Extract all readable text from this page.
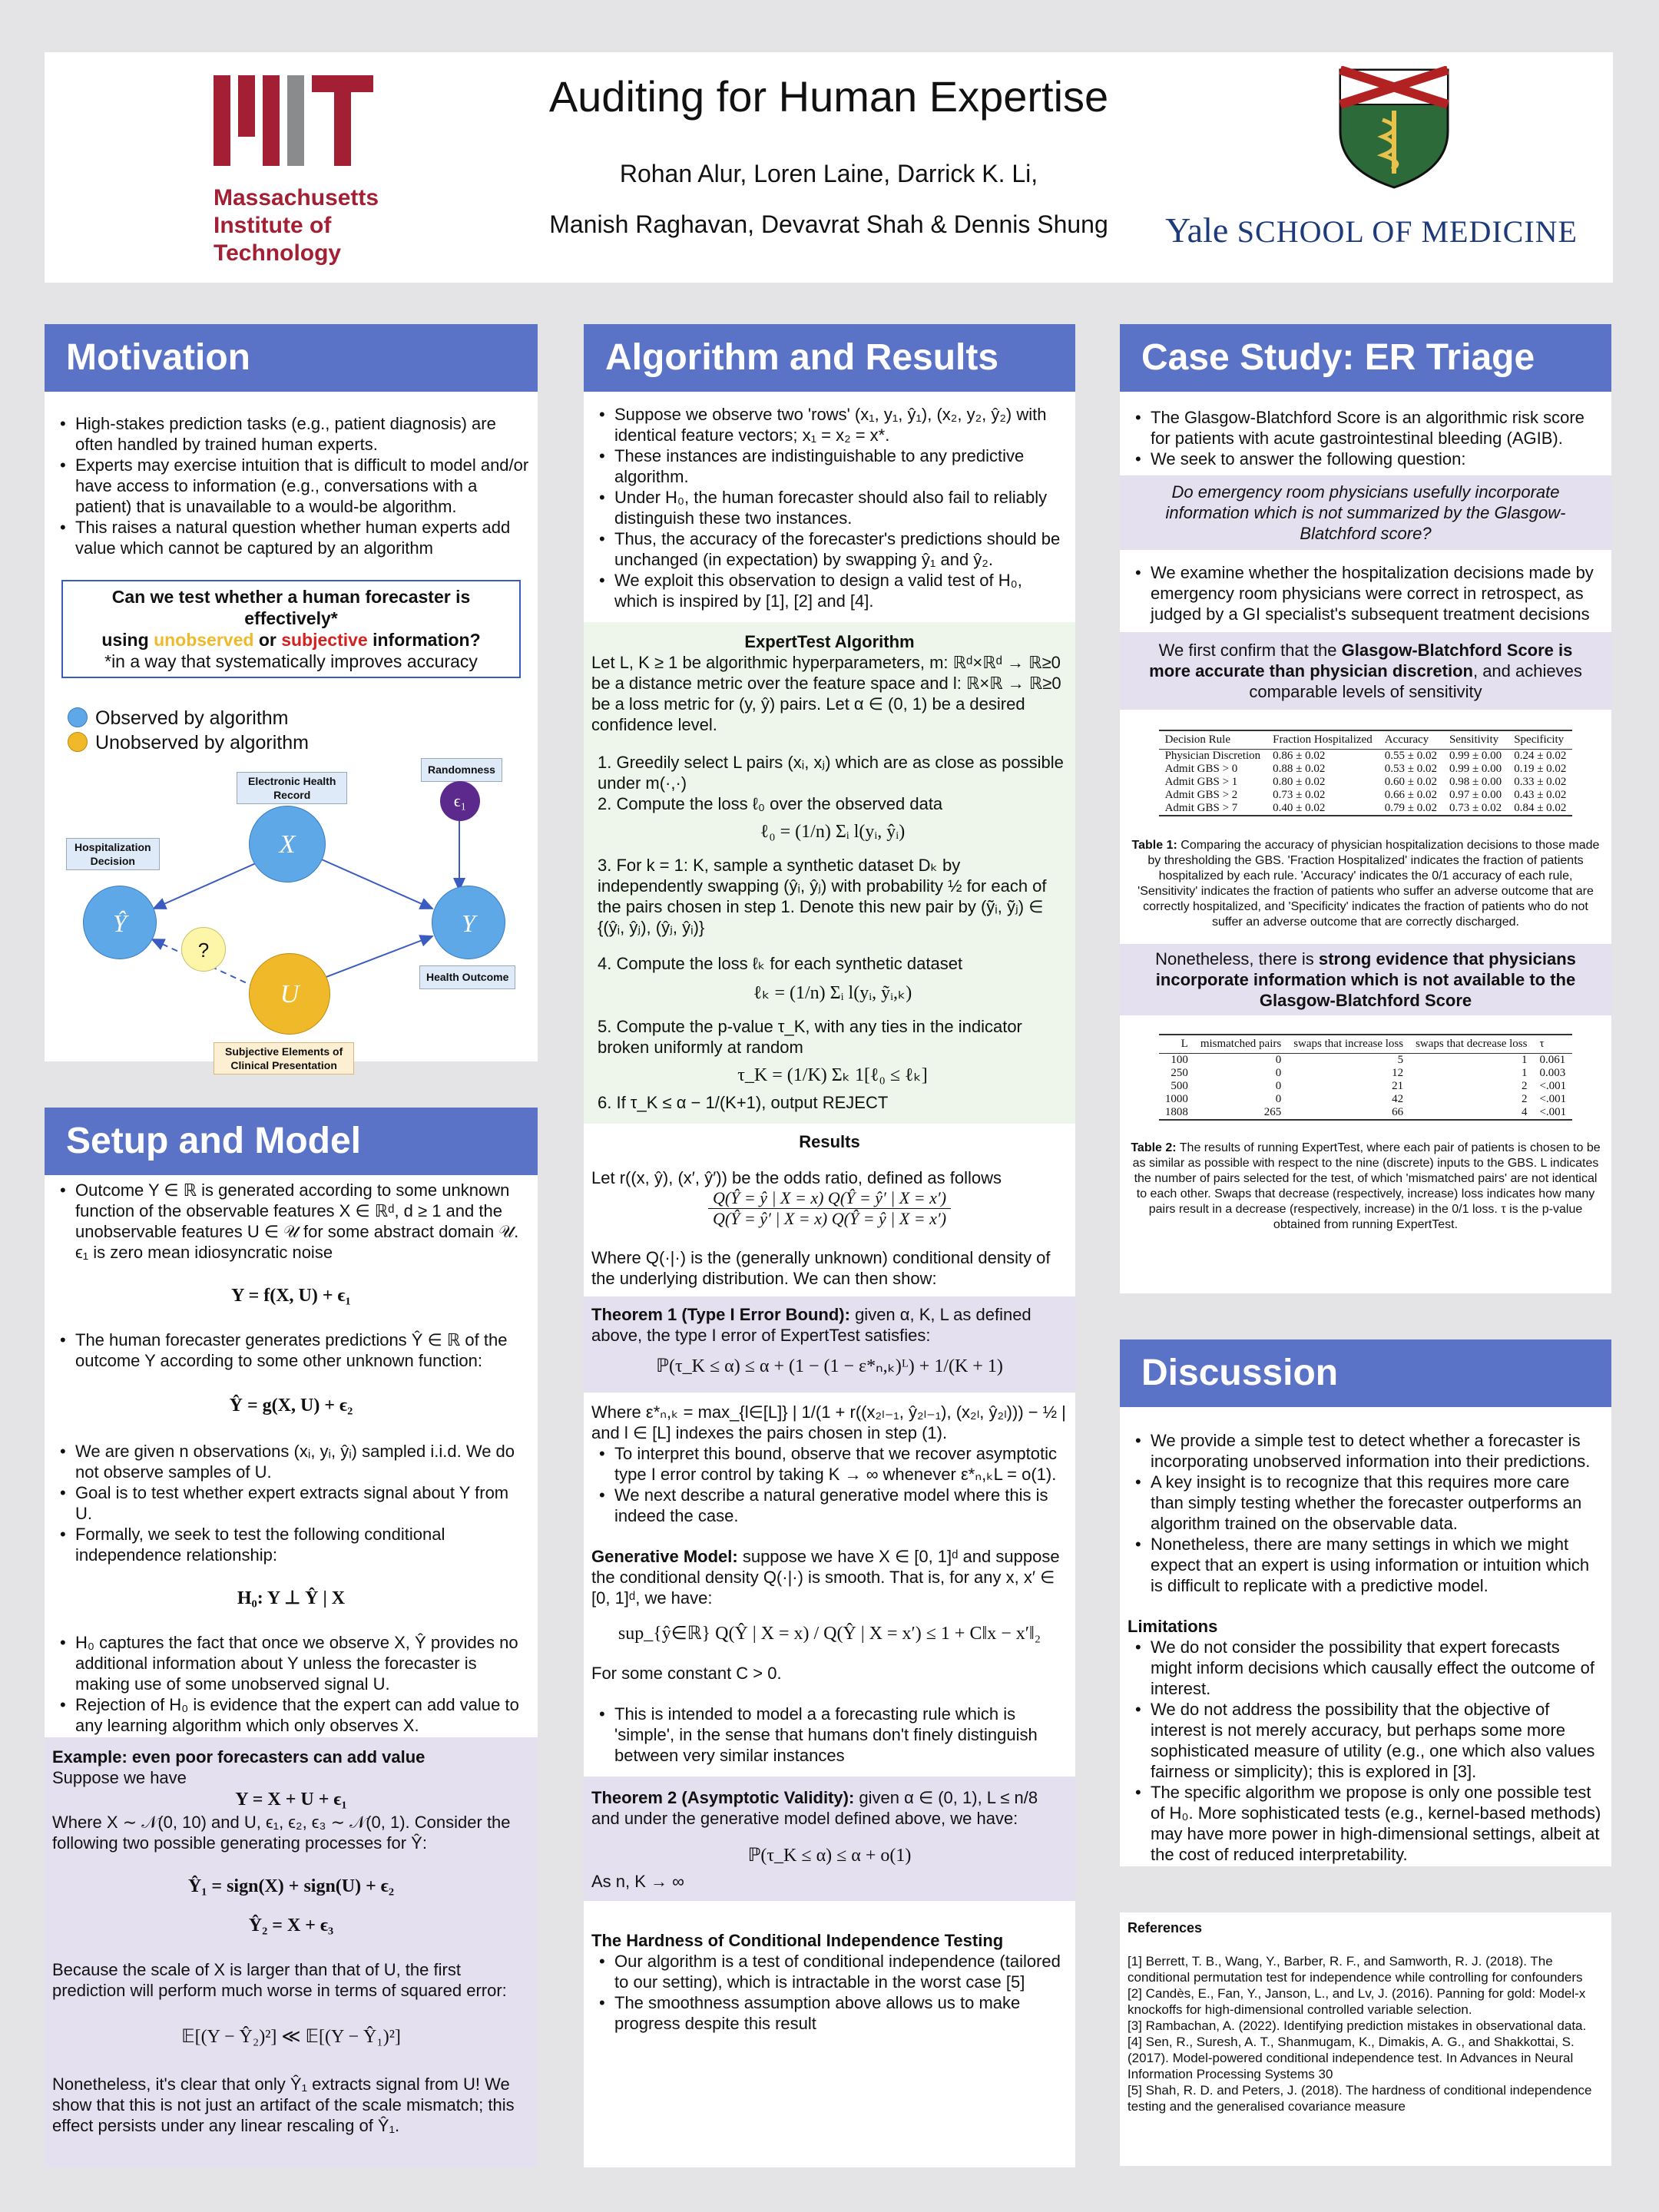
Massachusetts
Institute of
Technology
Auditing for Human Expertise
Rohan Alur, Loren Laine, Darrick K. Li,
Manish Raghavan, Devavrat Shah & Dennis Shung	Yale SCHOOL OF MEDICINE
Motivation
• High-stakes prediction tasks (e.g., patient diagnosis) are often handled by trained human experts.
• Experts may exercise intuition that is difficult to model and/or have access to information (e.g., conversations with a patient) that is unavailable to a would-be algorithm.
• This raises a natural question whether human experts add value which cannot be captured by an algorithm
Can we test whether a human forecaster is effectively*
using unobserved or subjective information?
*in a way that systematically improves accuracy
Observed by algorithm
Unobserved by algorithm
Randomness
ϵ₁
Electronic Health
Record
X
Hospitalization
Decision
Ŷ	Y
Health Outcome
?
U
Subjective Elements of
Clinical Presentation
Setup and Model
• Outcome Y ∈ ℝ is generated according to some unknown function of the observable features X ∈ ℝᵈ, d ≥ 1 and the unobservable features U ∈ 𝒰 for some abstract domain 𝒰. ϵ₁ is zero mean idiosyncratic noise
Y = f(X, U) + ϵ₁
• The human forecaster generates predictions Ŷ ∈ ℝ of the outcome Y according to some other unknown function:
Ŷ = g(X, U) + ϵ₂
• We are given n observations (xᵢ, yᵢ, ŷᵢ) sampled i.i.d. We do not observe samples of U.
• Goal is to test whether expert extracts signal about Y from U.
• Formally, we seek to test the following conditional independence relationship:
H₀: Y ⊥ Ŷ | X
• H₀ captures the fact that once we observe X, Ŷ provides no additional information about Y unless the forecaster is making use of some unobserved signal U.
• Rejection of H₀ is evidence that the expert can add value to any learning algorithm which only observes X.
Example: even poor forecasters can add value
Suppose we have
Y = X + U + ϵ₁
Where X ∼ 𝒩(0, 10) and U, ϵ₁, ϵ₂, ϵ₃ ∼ 𝒩(0, 1). Consider the following two possible generating processes for Ŷ:
Ŷ₁ = sign(X) + sign(U) + ϵ₂
Ŷ₂ = X + ϵ₃
Because the scale of X is larger than that of U, the first prediction will perform much worse in terms of squared error:
𝔼[(Y − Ŷ₂)²] ≪ 𝔼[(Y − Ŷ₁)²]
Nonetheless, it's clear that only Ŷ₁ extracts signal from U! We show that this is not just an artifact of the scale mismatch; this effect persists under any linear rescaling of Ŷ₁.
Algorithm and Results
• Suppose we observe two 'rows' (x₁, y₁, ŷ₁), (x₂, y₂, ŷ₂) with identical feature vectors; x₁ = x₂ = x*.
• These instances are indistinguishable to any predictive algorithm.
• Under H₀, the human forecaster should also fail to reliably distinguish these two instances.
• Thus, the accuracy of the forecaster's predictions should be unchanged (in expectation) by swapping ŷ₁ and ŷ₂.
• We exploit this observation to design a valid test of H₀, which is inspired by [1], [2] and [4].
ExpertTest Algorithm
Let L, K ≥ 1 be algorithmic hyperparameters, m: ℝᵈ×ℝᵈ → ℝ≥0 be a distance metric over the feature space and l: ℝ×ℝ → ℝ≥0 be a loss metric for (y, ŷ) pairs. Let α ∈ (0, 1) be a desired confidence level.
1. Greedily select L pairs (xᵢ, xⱼ) which are as close as possible under m(·,·)
2. Compute the loss ℓ₀ over the observed data
ℓ₀ = (1/n) Σᵢ l(yᵢ, ŷᵢ)
3. For k = 1: K, sample a synthetic dataset Dₖ by independently swapping (ŷᵢ, ŷⱼ) with probability ½ for each of the pairs chosen in step 1. Denote this new pair by (ỹᵢ, ỹⱼ) ∈ {(ŷᵢ, ŷⱼ), (ŷⱼ, ŷᵢ)}
4. Compute the loss ℓₖ for each synthetic dataset
ℓₖ = (1/n) Σᵢ l(yᵢ, ỹᵢ,ₖ)
5. Compute the p-value τ_K, with any ties in the indicator broken uniformly at random
τ_K = (1/K) Σₖ 1[ℓ₀ ≤ ℓₖ]
6. If τ_K ≤ α − 1/(K+1), output REJECT
Results
Let r((x, ŷ), (x′, ŷ′)) be the odds ratio, defined as follows
Q(Ŷ = ŷ | X = x) Q(Ŷ = ŷ′ | X = x′)
Q(Ŷ = ŷ′ | X = x) Q(Ŷ = ŷ | X = x′)
Where Q(·|·) is the (generally unknown) conditional density of the underlying distribution. We can then show:
Theorem 1 (Type I Error Bound): given α, K, L as defined above, the type I error of ExpertTest satisfies:
ℙ(τ_K ≤ α) ≤ α + (1 − (1 − ε*ₙ,ₖ)ᴸ) + 1/(K + 1)
Where ε*ₙ,ₖ = max_{l∈[L]} | 1/(1 + r((x₂ₗ₋₁, ŷ₂ₗ₋₁), (x₂ₗ, ŷ₂ₗ))) − ½ | and l ∈ [L] indexes the pairs chosen in step (1).
• To interpret this bound, observe that we recover asymptotic type I error control by taking K → ∞ whenever ε*ₙ,ₖL = o(1).
• We next describe a natural generative model where this is indeed the case.
Generative Model: suppose we have X ∈ [0, 1]ᵈ and suppose the conditional density Q(·|·) is smooth. That is, for any x, x′ ∈ [0, 1]ᵈ, we have:
sup_{ŷ∈ℝ} Q(Ŷ | X = x) / Q(Ŷ | X = x′) ≤ 1 + C‖x − x′‖₂
For some constant C > 0.
• This is intended to model a a forecasting rule which is 'simple', in the sense that humans don't finely distinguish between very similar instances
Theorem 2 (Asymptotic Validity): given α ∈ (0, 1), L ≤ n/8 and under the generative model defined above, we have:
ℙ(τ_K ≤ α) ≤ α + o(1)
As n, K → ∞
The Hardness of Conditional Independence Testing
• Our algorithm is a test of conditional independence (tailored to our setting), which is intractable in the worst case [5]
• The smoothness assumption above allows us to make progress despite this result
Case Study: ER Triage
• The Glasgow-Blatchford Score is an algorithmic risk score for patients with acute gastrointestinal bleeding (AGIB).
• We seek to answer the following question:
Do emergency room physicians usefully incorporate information which is not summarized by the Glasgow-Blatchford score?
• We examine whether the hospitalization decisions made by emergency room physicians were correct in retrospect, as judged by a GI specialist's subsequent treatment decisions
We first confirm that the Glasgow-Blatchford Score is more accurate than physician discretion, and achieves comparable levels of sensitivity
Decision Rule	Fraction Hospitalized	Accuracy	Sensitivity	Specificity
Physician Discretion	0.86 ± 0.02	0.55 ± 0.02	0.99 ± 0.00	0.24 ± 0.02
Admit GBS > 0	0.88 ± 0.02	0.53 ± 0.02	0.99 ± 0.00	0.19 ± 0.02
Admit GBS > 1	0.80 ± 0.02	0.60 ± 0.02	0.98 ± 0.00	0.33 ± 0.02
Admit GBS > 2	0.73 ± 0.02	0.66 ± 0.02	0.97 ± 0.00	0.43 ± 0.02
Admit GBS > 7	0.40 ± 0.02	0.79 ± 0.02	0.73 ± 0.02	0.84 ± 0.02
Table 1: Comparing the accuracy of physician hospitalization decisions to those made by thresholding the GBS. 'Fraction Hospitalized' indicates the fraction of patients hospitalized by each rule. 'Accuracy' indicates the 0/1 accuracy of each rule, 'Sensitivity' indicates the fraction of patients who suffer an adverse outcome that are correctly hospitalized, and 'Specificity' indicates the fraction of patients who do not suffer an adverse outcome that are correctly discharged.
Nonetheless, there is strong evidence that physicians incorporate information which is not available to the Glasgow-Blatchford Score
L	mismatched pairs	swaps that increase loss	swaps that decrease loss	τ
100	0	5	1	0.061
250	0	12	1	0.003
500	0	21	2	<.001
1000	0	42	2	<.001
1808	265	66	4	<.001
Table 2: The results of running ExpertTest, where each pair of patients is chosen to be as similar as possible with respect to the nine (discrete) inputs to the GBS. L indicates the number of pairs selected for the test, of which 'mismatched pairs' are not identical to each other. Swaps that decrease (respectively, increase) loss indicates how many pairs result in a decrease (respectively, increase) in the 0/1 loss. τ is the p-value obtained from running ExpertTest.
Discussion
• We provide a simple test to detect whether a forecaster is incorporating unobserved information into their predictions.
• A key insight is to recognize that this requires more care than simply testing whether the forecaster outperforms an algorithm trained on the observable data.
• Nonetheless, there are many settings in which we might expect that an expert is using information or intuition which is difficult to replicate with a predictive model.
Limitations
• We do not consider the possibility that expert forecasts might inform decisions which causally effect the outcome of interest.
• We do not address the possibility that the objective of interest is not merely accuracy, but perhaps some more sophisticated measure of utility (e.g., one which also values fairness or simplicity); this is explored in [3].
• The specific algorithm we propose is only one possible test of H₀. More sophisticated tests (e.g., kernel-based methods) may have more power in high-dimensional settings, albeit at the cost of reduced interpretability.
References
[1] Berrett, T. B., Wang, Y., Barber, R. F., and Samworth, R. J. (2018). The conditional permutation test for independence while controlling for confounders
[2] Candès, E., Fan, Y., Janson, L., and Lv, J. (2016). Panning for gold: Model-x knockoffs for high-dimensional controlled variable selection.
[3] Rambachan, A. (2022). Identifying prediction mistakes in observational data.
[4] Sen, R., Suresh, A. T., Shanmugam, K., Dimakis, A. G., and Shakkottai, S. (2017). Model-powered conditional independence test. In Advances in Neural Information Processing Systems 30
[5] Shah, R. D. and Peters, J. (2018). The hardness of conditional independence testing and the generalised covariance measure
